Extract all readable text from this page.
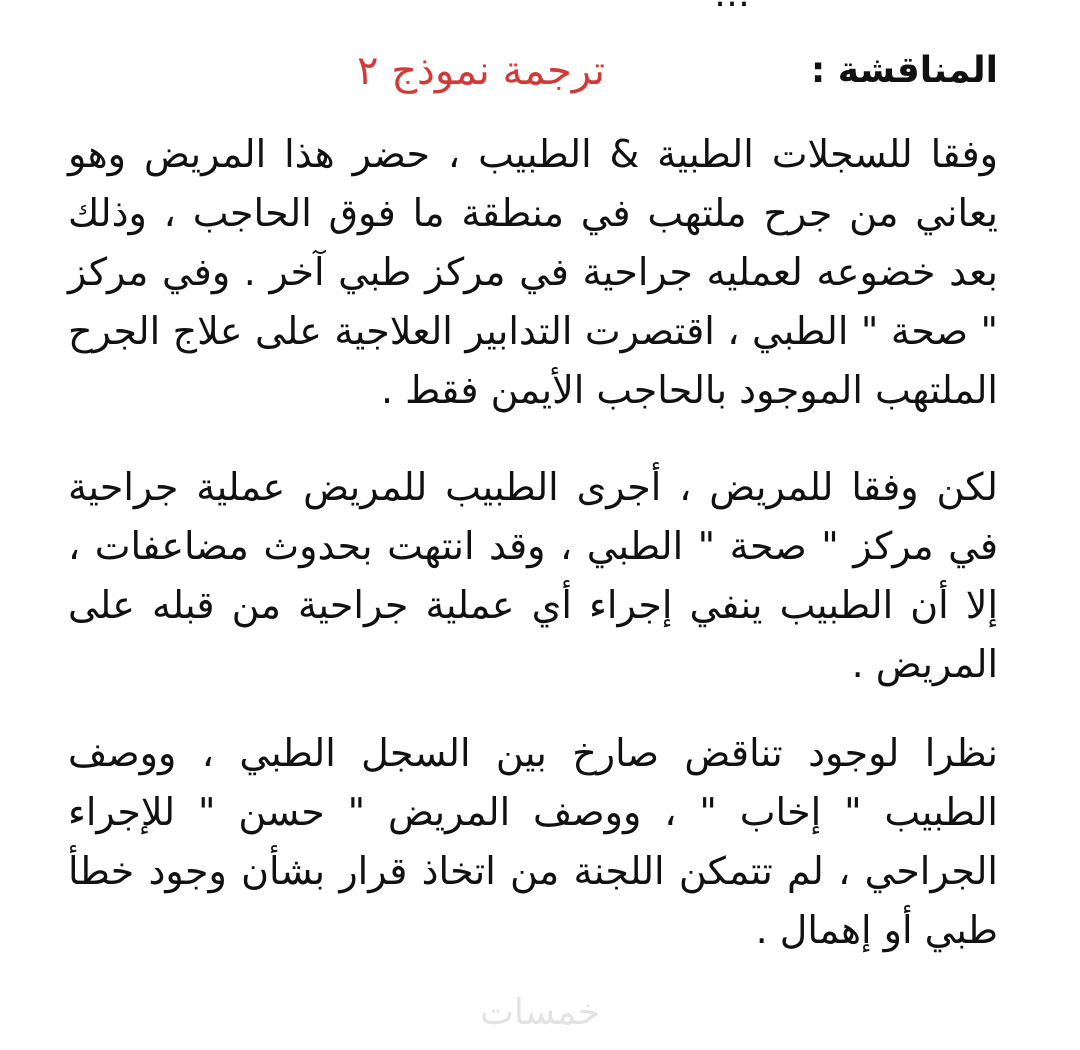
المناقشة :
ترجمة نموذج ٢

وفقا للسجلات الطبية & الطبيب ، حضر هذا المريض وهو يعاني من جرح ملتهب في منطقة ما فوق الحاجب ، وذلك بعد خضوعه لعمليه جراحية في مركز طبي آخر . وفي مركز " صحة " الطبي ، اقتصرت التدابير العلاجية على علاج الجرح الملتهب الموجود بالحاجب الأيمن فقط .

لكن وفقا للمريض ، أجرى الطبيب للمريض عملية جراحية في مركز " صحة " الطبي ، وقد انتهت بحدوث مضاعفات ، إلا أن الطبيب ينفي إجراء أي عملية جراحية من قبله على المريض .

نظرا لوجود تناقض صارخ بين السجل الطبي ، ووصف الطبيب " إخاب " ، ووصف المريض " حسن " للإجراء الجراحي ، لم تتمكن اللجنة من اتخاذ قرار بشأن وجود خطأ طبي أو إهمال .

خمسات
